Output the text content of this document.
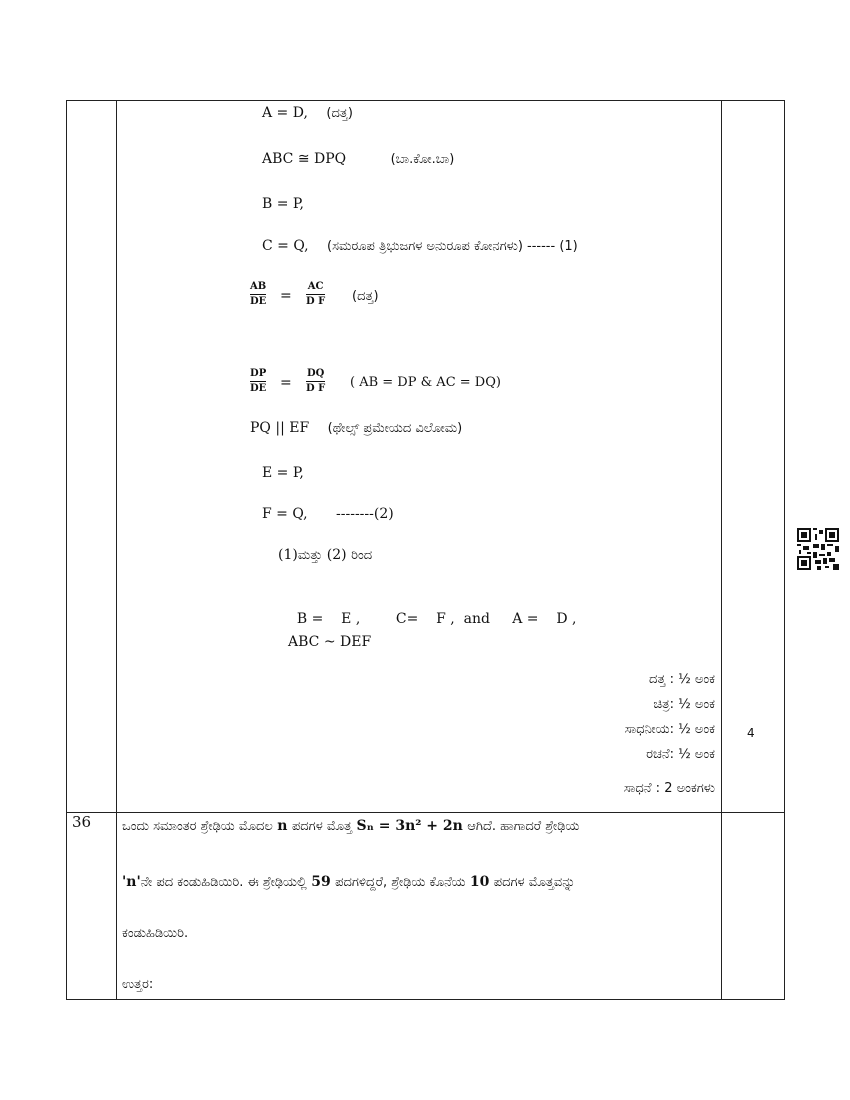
A = D, (ದತ್ತ)
ABC ≅ DPQ	(ಬಾ.ಕೋ.ಬಾ)
B = P,
C = Q, (ಸಮರೂಪ ತ್ರಿಭುಜಗಳ ಅನುರೂಪ ಕೋನಗಳು) ------ (1)
AB
DE =
AC
D F (ದತ್ತ)
DP
DE =
DQ
D F ( AB = DP & AC = DQ)
PQ || EF (ಥೇಲ್ಸ್ ಪ್ರಮೇಯದ ವಿಲೋಮ)
E = P,
F = Q, --------(2)
(1)ಮತ್ತು (2) ರಿಂದ

B =    E ,        C=    F ,  and     A =    D ,

ABC ~ DEF
ದತ್ತ : ½ ಅಂಕ
ಚಿತ್ರ: ½ ಅಂಕ
ಸಾಧನೀಯ: ½ ಅಂಕ
ರಚನೆ: ½ ಅಂಕ
ಸಾಧನೆ : 2 ಅಂಕಗಳು
4
36 ಒಂದು ಸಮಾಂತರ ಶ್ರೇಢಿಯ ಮೊದಲ n ಪದಗಳ ಮೊತ್ತ Sₙ = 3n² + 2n ಆಗಿದೆ. ಹಾಗಾದರೆ ಶ್ರೇಢಿಯ
'n'ನೇ ಪದ ಕಂಡುಹಿಡಿಯಿರಿ. ಈ ಶ್ರೇಢಿಯಲ್ಲಿ 59 ಪದಗಳಿದ್ದರೆ, ಶ್ರೇಢಿಯ ಕೊನೆಯ 10 ಪದಗಳ ಮೊತ್ತವನ್ನು
ಕಂಡುಹಿಡಿಯಿರಿ.
ಉತ್ತರ:
